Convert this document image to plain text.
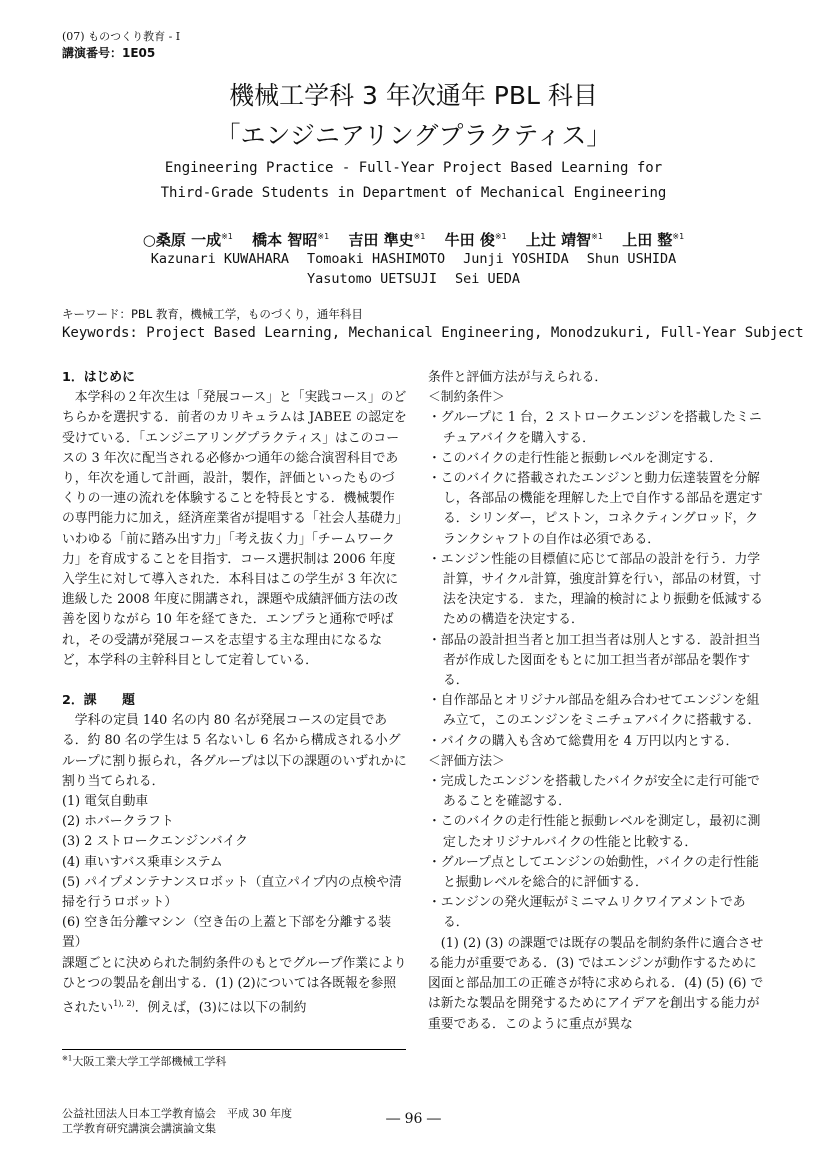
(07) ものつくり教育 - I
講演番号：1E05
機械工学科 3 年次通年 PBL 科目
「エンジニアリングプラクティス」
Engineering Practice - Full-Year Project Based Learning for
Third-Grade Students in Department of Mechanical Engineering
○桑原 一成$^{※1}$ 橋本 智昭$^{※1}$ 吉田 準史$^{※1}$ 牛田 俊$^{※1}$ 上辻 靖智$^{※1}$ 上田 整$^{※1}$
Kazunari KUWAHARA Tomoaki HASHIMOTO Junji YOSHIDA Shun USHIDA
Yasutomo UETSUJI Sei UEDA
キーワード：PBL 教育，機械工学，ものづくり，通年科目
Keywords: Project Based Learning, Mechanical Engineering, Monodzukuri, Full-Year Subject

1．はじめに

本学科の２年次生は「発展コース」と「実践コース」のどちらかを選択する．前者のカリキュラムは JABEE の認定を受けている．「エンジニアリングプラクティス」はこのコースの 3 年次に配当される必修かつ通年の総合演習科目であり，年次を通して計画，設計，製作，評価といったものづくりの一連の流れを体験することを特長とする．機械製作の専門能力に加え，経済産業省が提唱する「社会人基礎力」いわゆる「前に踏み出す力」「考え抜く力」「チームワーク力」を育成することを目指す．コース選択制は 2006 年度入学生に対して導入された．本科目はこの学生が 3 年次に進級した 2008 年度に開講され，課題や成績評価方法の改善を図りながら 10 年を経てきた．エンプラと通称で呼ばれ，その受講が発展コースを志望する主な理由になるなど，本学科の主幹科目として定着している．

2．課　　題

学科の定員 140 名の内 80 名が発展コースの定員である．約 80 名の学生は 5 名ないし 6 名から構成される小グループに割り振られ，各グループは以下の課題のいずれかに割り当てられる．

(1) 電気自動車

(2) ホバークラフト

(3) 2 ストロークエンジンバイク

(4) 車いすバス乗車システム

(5) パイプメンテナンスロボット（直立パイプ内の点検や清掃を行うロボット）

(6) 空き缶分離マシン（空き缶の上蓋と下部を分離する装置）

課題ごとに決められた制約条件のもとでグループ作業によりひとつの製品を創出する．(1) (2)については各既報を参照されたい$^{1), 2)}$．例えば，(3)には以下の制約

条件と評価方法が与えられる．

＜制約条件＞

・グループに 1 台，2 ストロークエンジンを搭載したミニチュアバイクを購入する．

・このバイクの走行性能と振動レベルを測定する．

・このバイクに搭載されたエンジンと動力伝達装置を分解し，各部品の機能を理解した上で自作する部品を選定する．シリンダー，ピストン，コネクティングロッド，クランクシャフトの自作は必須である．

・エンジン性能の目標値に応じて部品の設計を行う．力学計算，サイクル計算，強度計算を行い，部品の材質，寸法を決定する．また，理論的検討により振動を低減するための構造を決定する．

・部品の設計担当者と加工担当者は別人とする．設計担当者が作成した図面をもとに加工担当者が部品を製作する．

・自作部品とオリジナル部品を組み合わせてエンジンを組み立て，このエンジンをミニチュアバイクに搭載する．

・バイクの購入も含めて総費用を 4 万円以内とする．

＜評価方法＞

・完成したエンジンを搭載したバイクが安全に走行可能であることを確認する．

・このバイクの走行性能と振動レベルを測定し，最初に測定したオリジナルバイクの性能と比較する．

・グループ点としてエンジンの始動性，バイクの走行性能と振動レベルを総合的に評価する．

・エンジンの発火運転がミニマムリクワイアメントである．

(1) (2) (3) の課題では既存の製品を制約条件に適合させる能力が重要である．(3) ではエンジンが動作するために図面と部品加工の正確さが特に求められる．(4) (5) (6) では新たな製品を開発するためにアイデアを創出する能力が重要である．このように重点が異な

$^{※1}$大阪工業大学工学部機械工学科
公益社団法人日本工学教育協会　平成 30 年度
工学教育研究講演会講演論文集
― 96 ―
